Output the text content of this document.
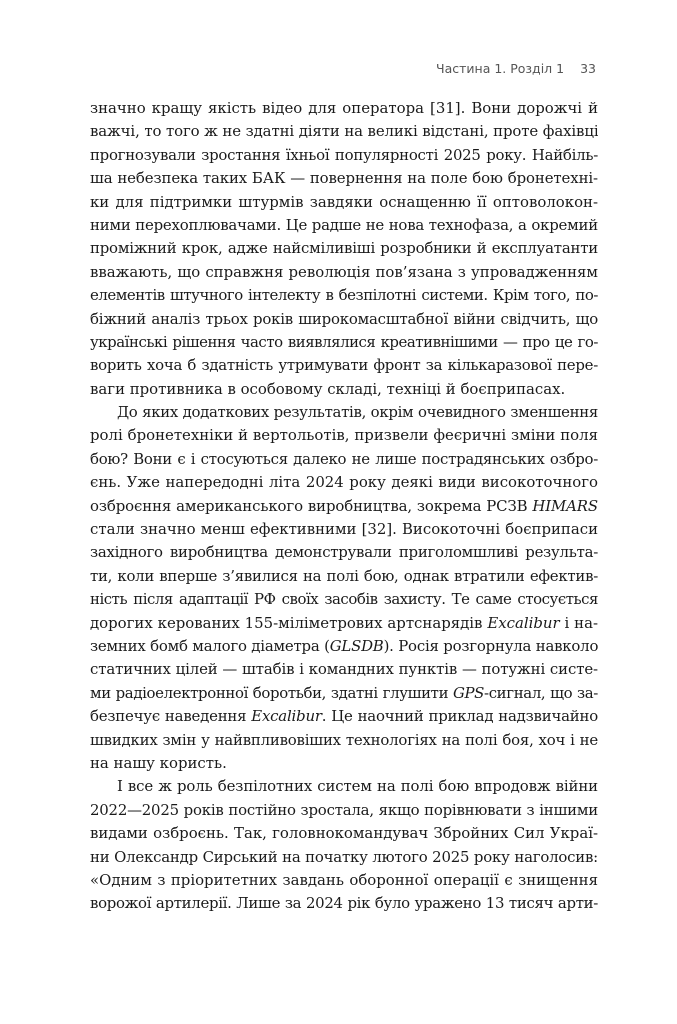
Частина 1. Розділ 1 33

значно кращу якість відео для оператора [31]. Вони дорожчі й
важчі, то того ж не здатні діяти на великі відстані, проте фахівці
прогнозували зростання їхньої популярності 2025 року. Найбіль-
ша небезпека таких БАК — повернення на поле бою бронетехні-
ки для підтримки штурмів завдяки оснащенню її оптоволокон-
ними перехоплювачами. Це радше не нова технофаза, а окремий
проміжний крок, адже найсміливіші розробники й експлуатанти
вважають, що справжня революція пов’язана з упровадженням
елементів штучного інтелекту в безпілотні системи. Крім того, по-
біжний аналіз трьох років широкомасштабної війни свідчить, що
українські рішення часто виявлялися креативнішими — про це го-
ворить хоча б здатність утримувати фронт за кількаразової пере-
ваги противника в особовому складі, техніці й боєприпасах.

До яких додаткових результатів, окрім очевидного зменшення
ролі бронетехніки й вертольотів, призвели феєричні зміни поля
бою? Вони є і стосуються далеко не лише пострадянських озбро-
єнь. Уже напередодні літа 2024 року деякі види високоточного
озброєння американського виробництва, зокрема РСЗВ HIMARS
стали значно менш ефективними [32]. Високоточні боєприпаси
західного виробництва демонстрували приголомшливі результа-
ти, коли вперше з’явилися на полі бою, однак втратили ефектив-
ність після адаптації РФ своїх засобів захисту. Те саме стосується
дорогих керованих 155-міліметрових артснарядів Excalibur і на-
земних бомб малого діаметра (GLSDB). Росія розгорнула навколо
статичних цілей — штабів і командних пунктів — потужні систе-
ми радіоелектронної боротьби, здатні глушити GPS-сигнал, що за-
безпечує наведення Excalibur. Це наочний приклад надзвичайно
швидких змін у найвпливовіших технологіях на полі боя, хоч і не
на нашу користь.

І все ж роль безпілотних систем на полі бою впродовж війни
2022—2025 років постійно зростала, якщо порівнювати з іншими
видами озброєнь. Так, головнокомандувач Збройних Сил Украї-
ни Олександр Сирський на початку лютого 2025 року наголосив:
«Одним з пріоритетних завдань оборонної операції є знищення
ворожої артилерії. Лише за 2024 рік було уражено 13 тисяч арти-
